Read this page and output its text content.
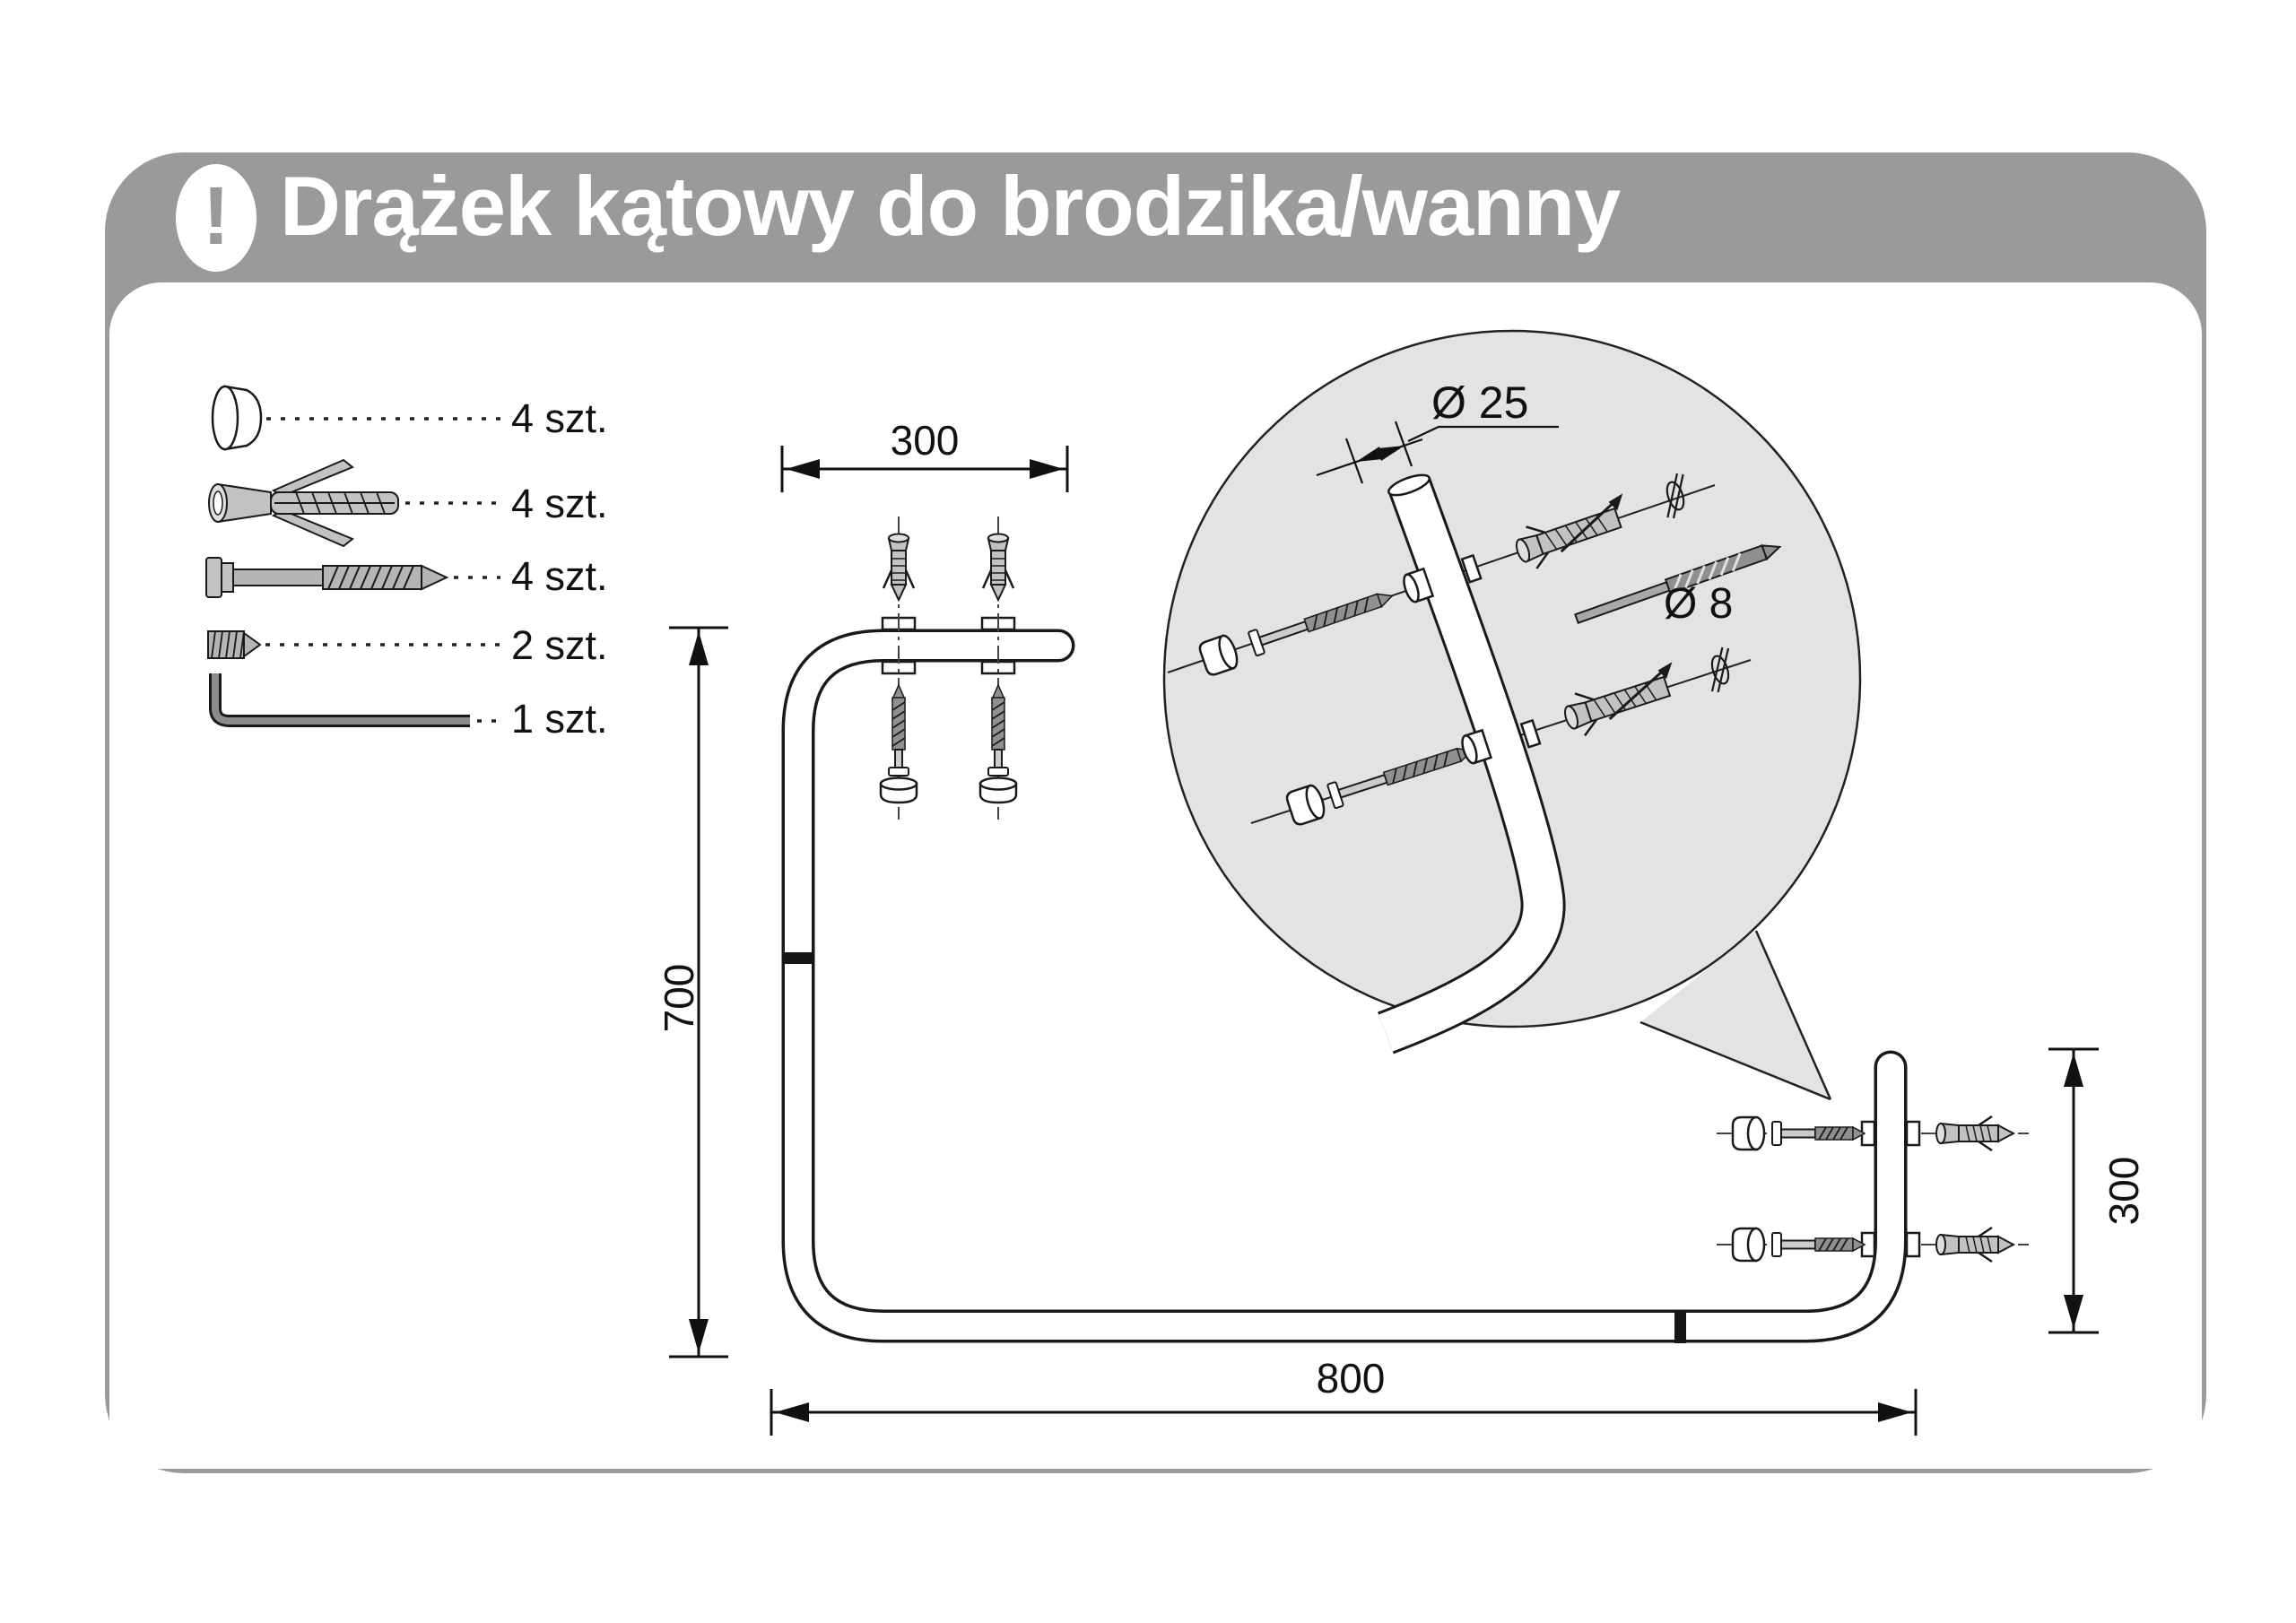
! Drążek kątowy do brodzika/wanny
4 szt.
4 szt.
4 szt.
2 szt.
1 szt.
300
700
800
300
Ø 25
Ø 8
